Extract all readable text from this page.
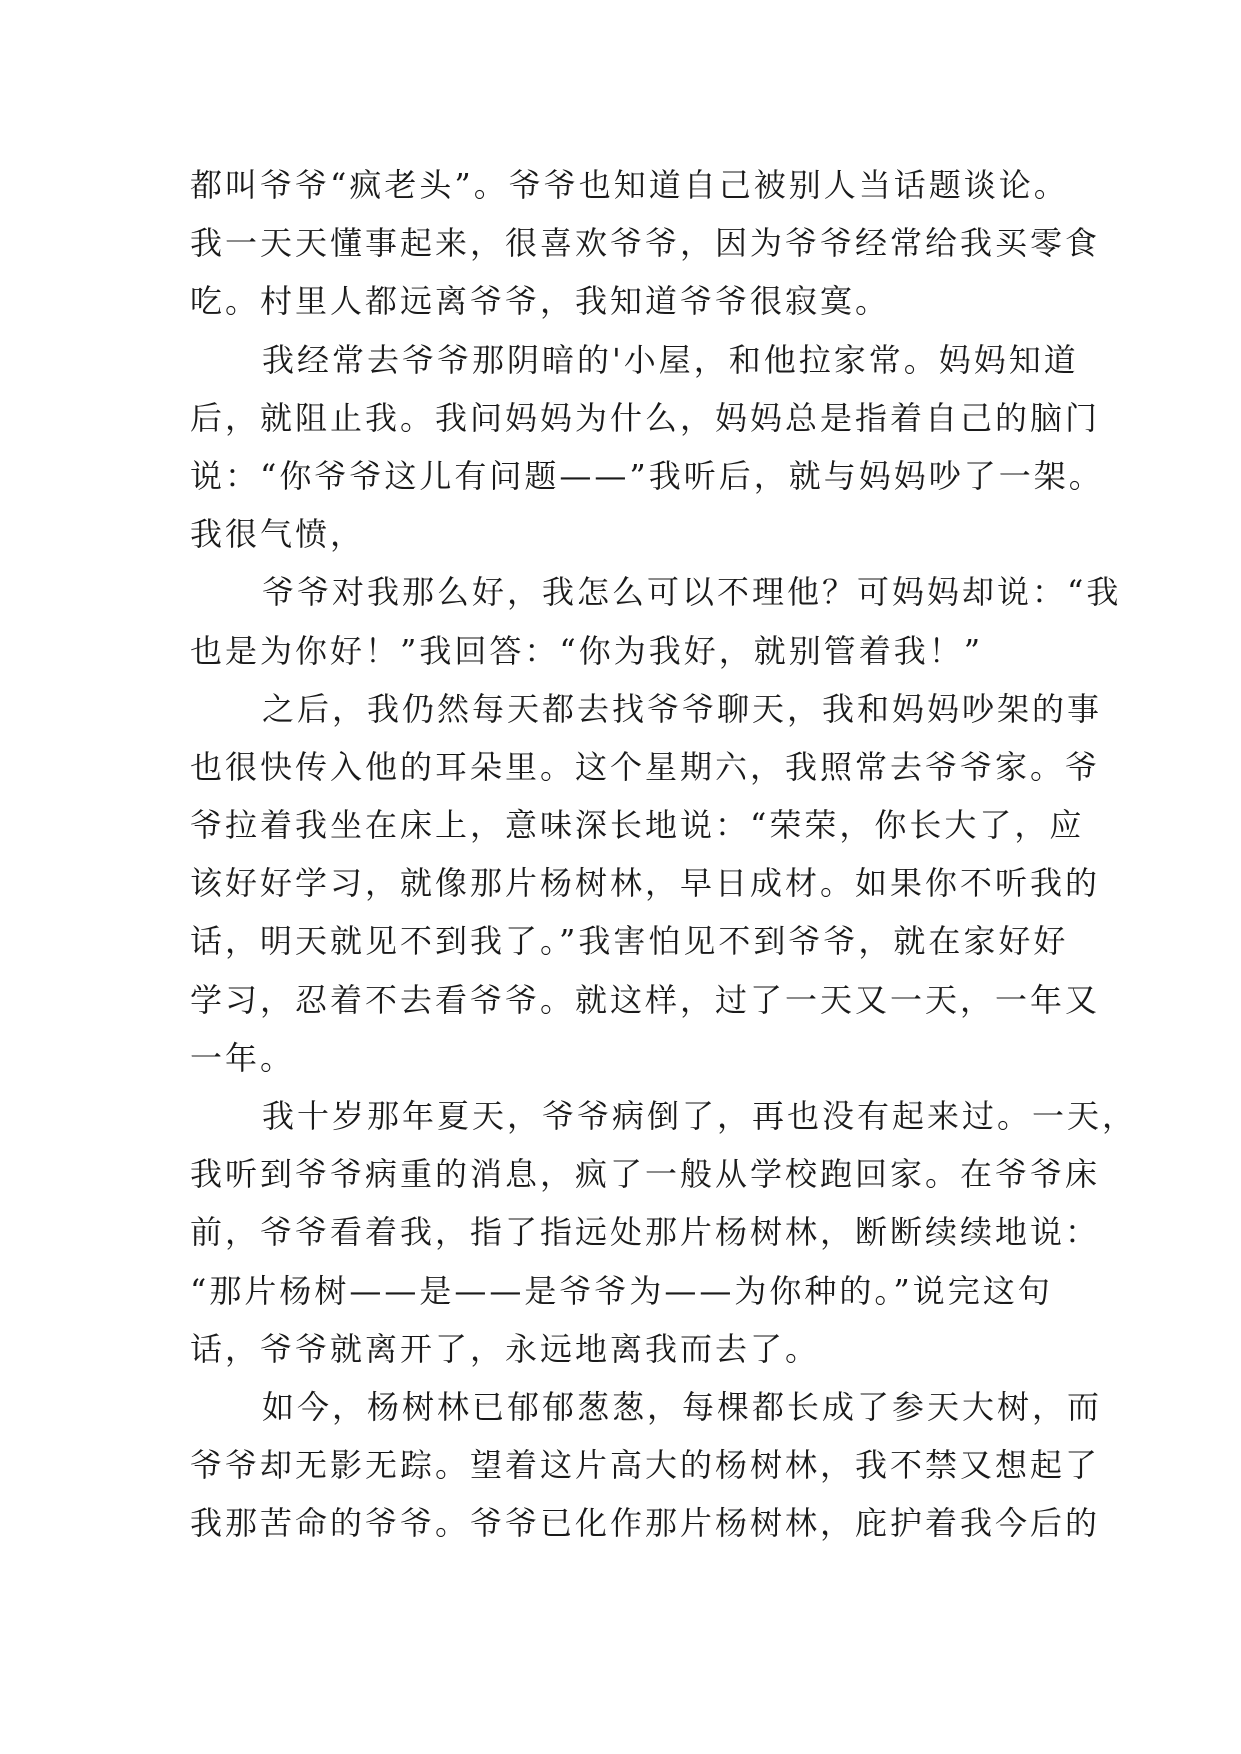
都叫爷爷“疯老头”。爷爷也知道自己被别人当话题谈论。
我一天天懂事起来，很喜欢爷爷，因为爷爷经常给我买零食
吃。村里人都远离爷爷，我知道爷爷很寂寞。
我经常去爷爷那阴暗的'小屋，和他拉家常。妈妈知道
后，就阻止我。我问妈妈为什么，妈妈总是指着自己的脑门
说：“你爷爷这儿有问题——”我听后，就与妈妈吵了一架。
我很气愤，
爷爷对我那么好，我怎么可以不理他？可妈妈却说：“我
也是为你好！”我回答：“你为我好，就别管着我！”
之后，我仍然每天都去找爷爷聊天，我和妈妈吵架的事
也很快传入他的耳朵里。这个星期六，我照常去爷爷家。爷
爷拉着我坐在床上，意味深长地说：“荣荣，你长大了，应
该好好学习，就像那片杨树林，早日成材。如果你不听我的
话，明天就见不到我了。”我害怕见不到爷爷，就在家好好
学习，忍着不去看爷爷。就这样，过了一天又一天，一年又
一年。
我十岁那年夏天，爷爷病倒了，再也没有起来过。一天，
我听到爷爷病重的消息，疯了一般从学校跑回家。在爷爷床
前，爷爷看着我，指了指远处那片杨树林，断断续续地说：
“那片杨树——是——是爷爷为——为你种的。”说完这句
话，爷爷就离开了，永远地离我而去了。
如今，杨树林已郁郁葱葱，每棵都长成了参天大树，而
爷爷却无影无踪。望着这片高大的杨树林，我不禁又想起了
我那苦命的爷爷。爷爷已化作那片杨树林，庇护着我今后的
